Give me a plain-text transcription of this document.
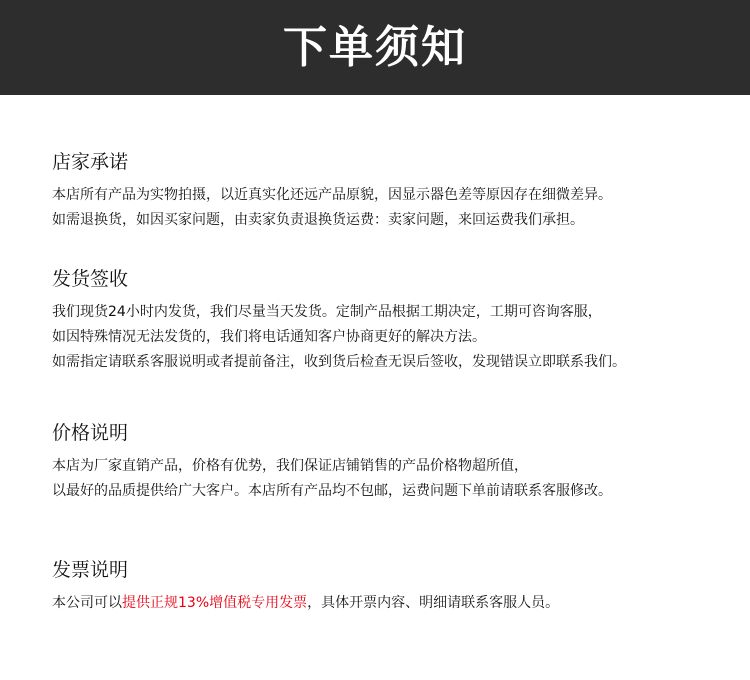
下单须知
店家承诺

本店所有产品为实物拍摄，以近真实化还远产品原貌，因显示器色差等原因存在细微差异。

如需退换货，如因买家问题，由卖家负责退换货运费：卖家问题，来回运费我们承担。

发货签收

我们现货24小时内发货，我们尽量当天发货。定制产品根据工期决定，工期可咨询客服，

如因特殊情况无法发货的，我们将电话通知客户协商更好的解决方法。

如需指定请联系客服说明或者提前备注，收到货后检查无误后签收，发现错误立即联系我们。

价格说明

本店为厂家直销产品，价格有优势，我们保证店铺销售的产品价格物超所值，

以最好的品质提供给广大客户。本店所有产品均不包邮，运费问题下单前请联系客服修改。

发票说明

本公司可以提供正规13%增值税专用发票，具体开票内容、明细请联系客服人员。
